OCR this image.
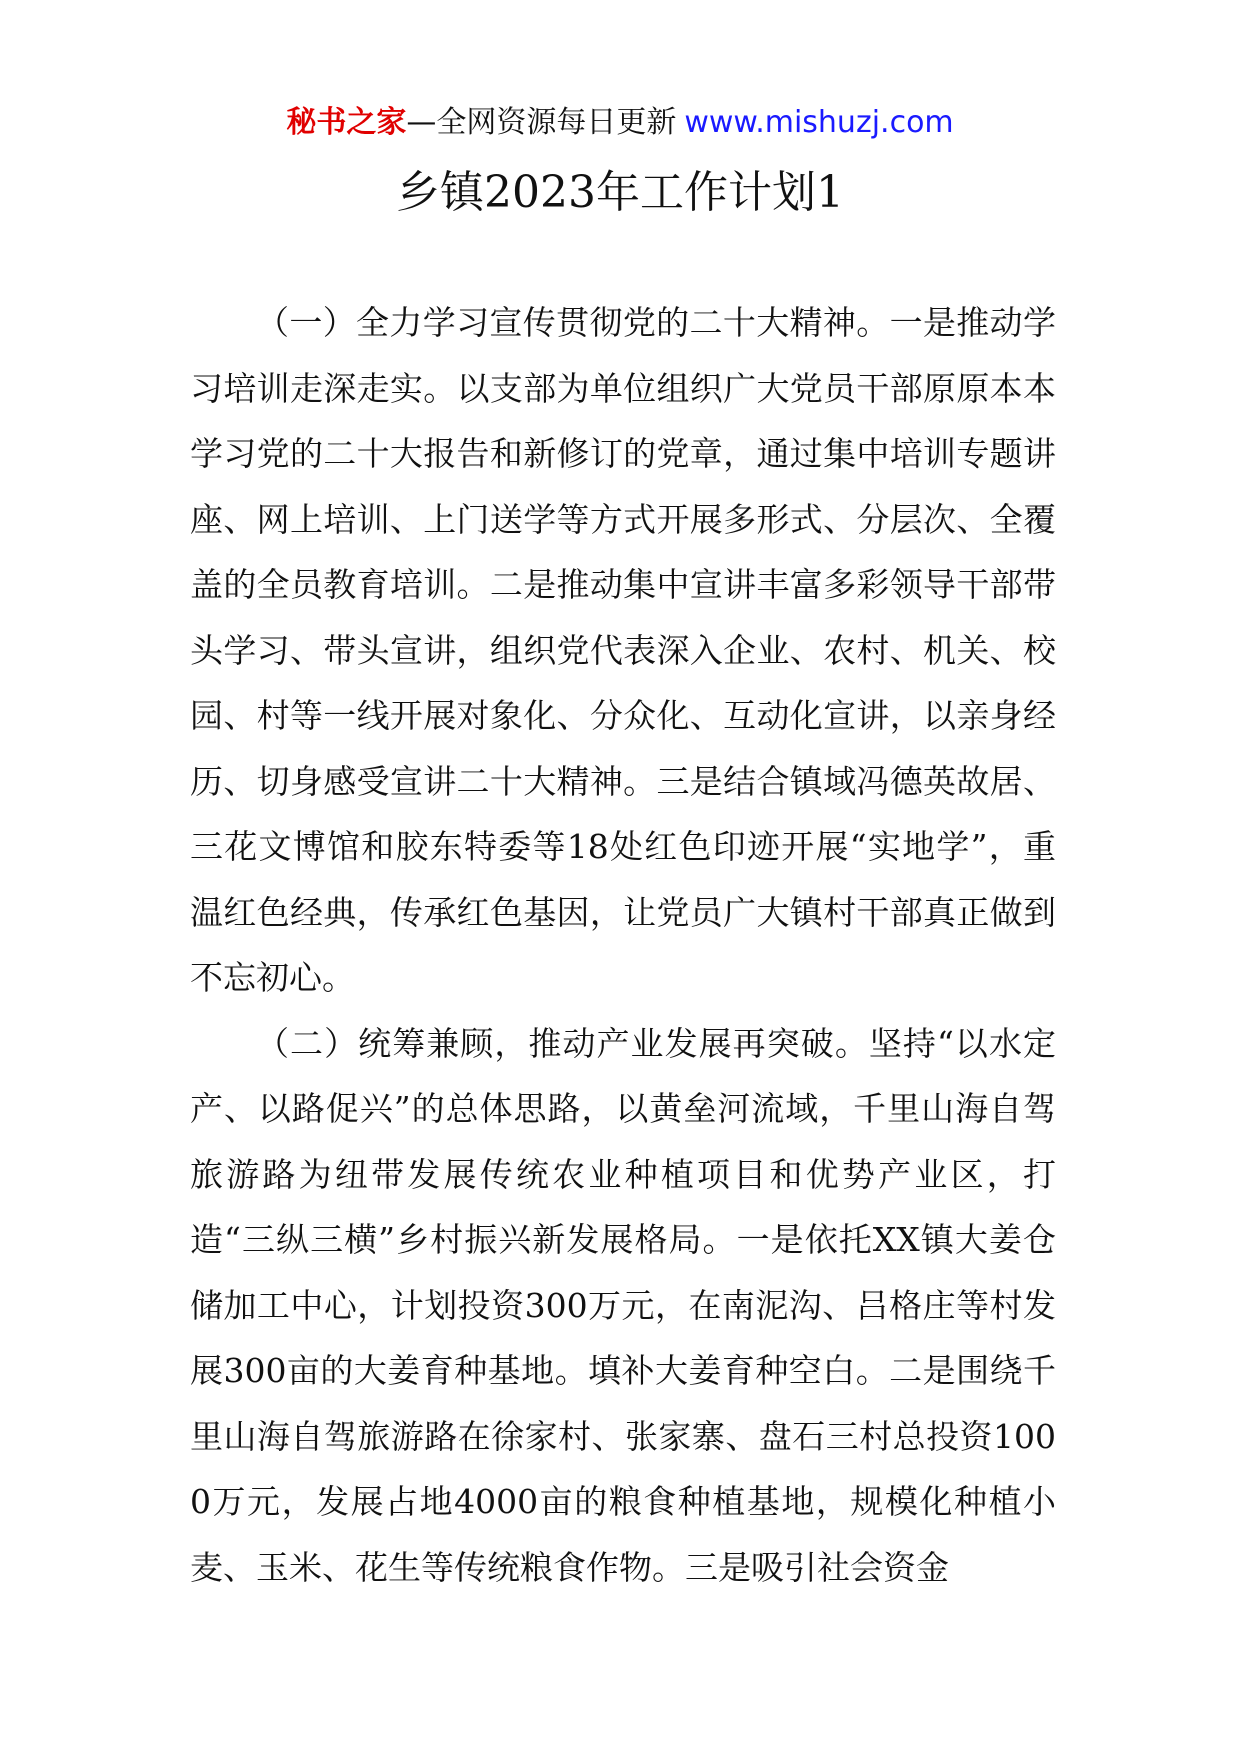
秘书之家—全网资源每日更新 www.mishuzj.com
乡镇2023年工作计划1

（一）全力学习宣传贯彻党的二十大精神。一是推动学习培训走深走实。以支部为单位组织广大党员干部原原本本学习党的二十大报告和新修订的党章，通过集中培训专题讲座、网上培训、上门送学等方式开展多形式、分层次、全覆盖的全员教育培训。二是推动集中宣讲丰富多彩领导干部带头学习、带头宣讲，组织党代表深入企业、农村、机关、校园、村等一线开展对象化、分众化、互动化宣讲，以亲身经历、切身感受宣讲二十大精神。三是结合镇域冯德英故居、三花文博馆和胶东特委等18处红色印迹开展“实地学”，重温红色经典，传承红色基因，让党员广大镇村干部真正做到不忘初心。

（二）统筹兼顾，推动产业发展再突破。坚持“以水定产、以路促兴”的总体思路，以黄垒河流域，千里山海自驾旅游路为纽带发展传统农业种植项目和优势产业区，打造“三纵三横”乡村振兴新发展格局。一是依托XX镇大姜仓储加工中心，计划投资300万元，在南泥沟、吕格庄等村发展300亩的大姜育种基地。填补大姜育种空白。二是围绕千里山海自驾旅游路在徐家村、张家寨、盘石三村总投资1000万元，发展占地4000亩的粮食种植基地，规模化种植小麦、玉米、花生等传统粮食作物。三是吸引社会资金
